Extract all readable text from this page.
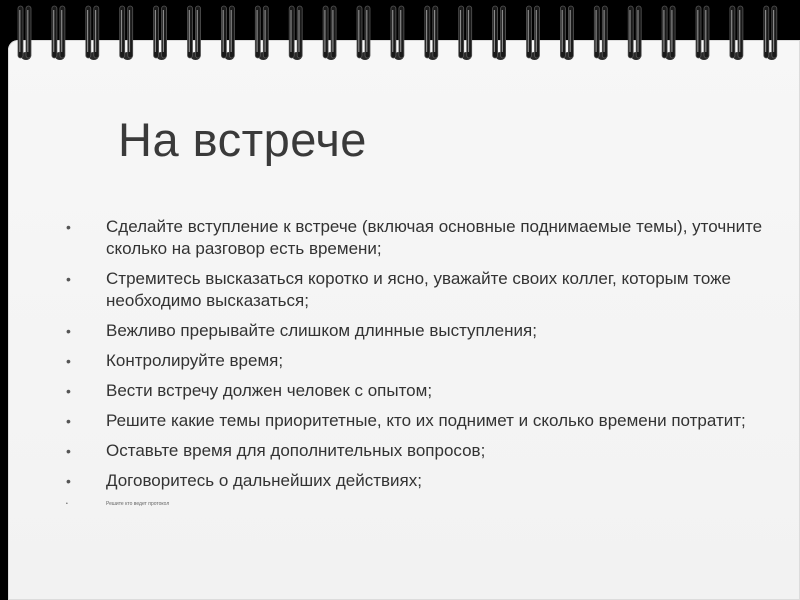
На встрече
• Сделайте вступление к встрече (включая основные поднимаемые темы), уточните сколько на разговор есть времени;
• Стремитесь высказаться коротко и ясно, уважайте своих коллег, которым тоже необходимо высказаться;
• Вежливо прерывайте слишком длинные выступления;
• Контролируйте время;
• Вести встречу должен человек с опытом;
• Решите какие темы приоритетные, кто их поднимет и сколько времени потратит;
• Оставьте время для дополнительных вопросов;
• Договоритесь о дальнейших действиях;
•	Решите кто ведет протокол
